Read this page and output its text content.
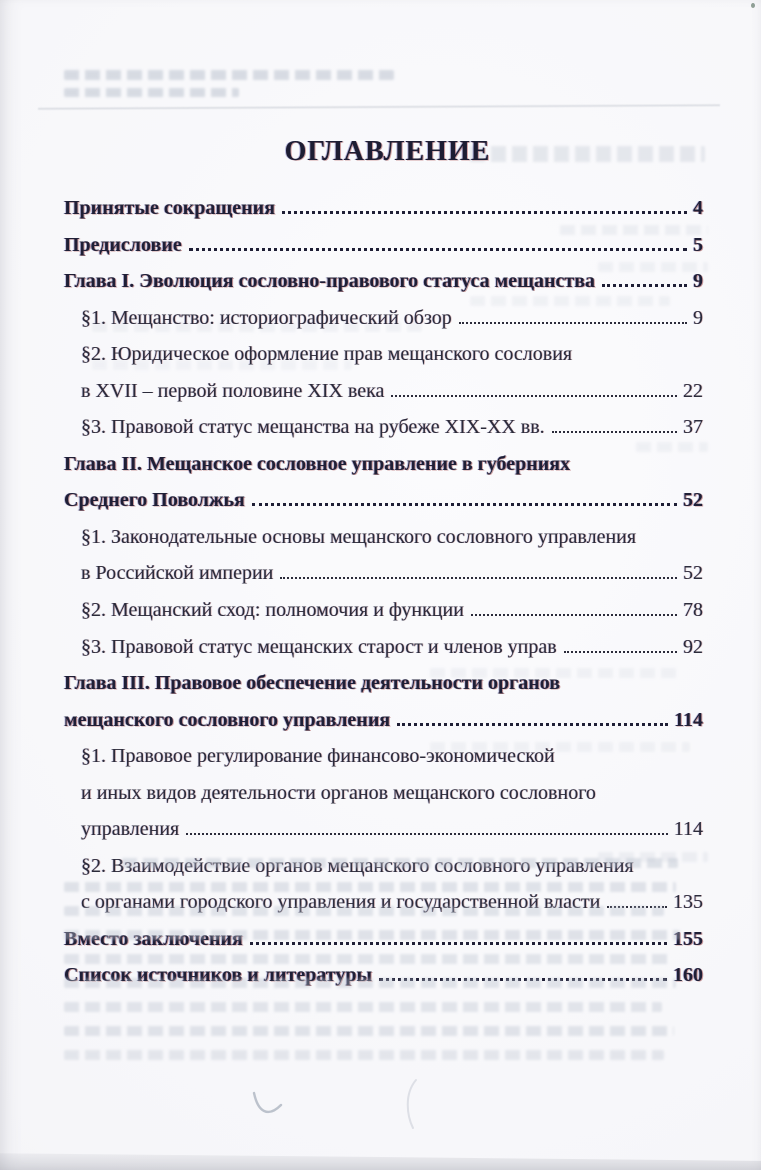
ОГЛАВЛЕНИЕ
Принятые сокращения	4
Предисловие	5
Глава I. Эволюция сословно-правового статуса мещанства	9
§1. Мещанство: историографический обзор	9
§2. Юридическое оформление прав мещанского сословия
в XVII – первой половине XIX века	22
§3. Правовой статус мещанства на рубеже XIX-XX вв.	37
Глава II. Мещанское сословное управление в губерниях
Среднего Поволжья	52
§1. Законодательные основы мещанского сословного управления
в Российской империи	52
§2. Мещанский сход: полномочия и функции	78
§3. Правовой статус мещанских старост и членов управ	92
Глава III. Правовое обеспечение деятельности органов
мещанского сословного управления	114
§1. Правовое регулирование финансово-экономической
и иных видов деятельности органов мещанского сословного
управления	114
§2. Взаимодействие органов мещанского сословного управления
с органами городского управления и государственной власти	135
Вместо заключения	155
Список источников и литературы	160
